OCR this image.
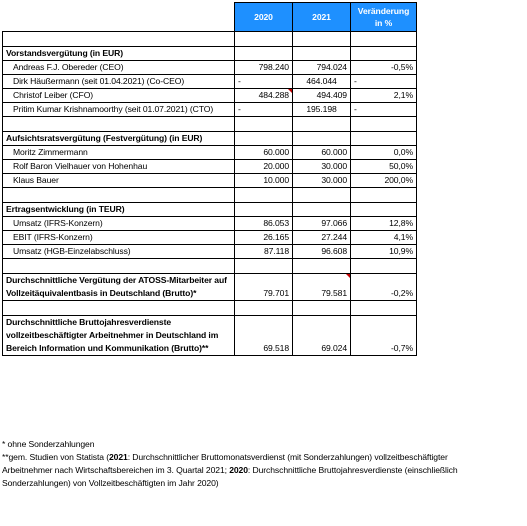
	2020	2021	Veränderung in %

Vorstandsvergütung (in EUR)			
Andreas F.J. Obereder (CEO)	798.240	794.024	-0,5%
Dirk Häußermann (seit 01.04.2021) (Co-CEO)	-	464.044	-
Christof Leiber (CFO)	484.288	494.409	2,1%
Pritim Kumar Krishnamoorthy (seit 01.07.2021) (CTO)	-	195.198	-

Aufsichtsratsvergütung (Festvergütung) (in EUR)			
Moritz Zimmermann	60.000	60.000	0,0%
Rolf Baron Vielhauer von Hohenhau	20.000	30.000	50,0%
Klaus Bauer	10.000	30.000	200,0%

Ertragsentwicklung (in TEUR)			
Umsatz (IFRS-Konzern)	86.053	97.066	12,8%
EBIT (IFRS-Konzern)	26.165	27.244	4,1%
Umsatz (HGB-Einzelabschluss)	87.118	96.608	10,9%

Durchschnittliche Vergütung der ATOSS-Mitarbeiter auf
Vollzeitäquivalentbasis in Deutschland (Brutto)*	79.701	79.581	-0,2%

Durchschnittliche Bruttojahresverdienste
vollzeitbeschäftigter Arbeitnehmer in Deutschland im
Bereich Information und Kommunikation (Brutto)**	69.518	69.024	-0,7%
* ohne Sonderzahlungen
**gem. Studien von Statista (2021: Durchschnittlicher Bruttomonatsverdienst (mit Sonderzahlungen) vollzeitbeschäftigter
Arbeitnehmer nach Wirtschaftsbereichen im 3. Quartal 2021; 2020: Durchschnittliche Bruttojahresverdienste (einschließlich
Sonderzahlungen) von Vollzeitbeschäftigten im Jahr 2020)
